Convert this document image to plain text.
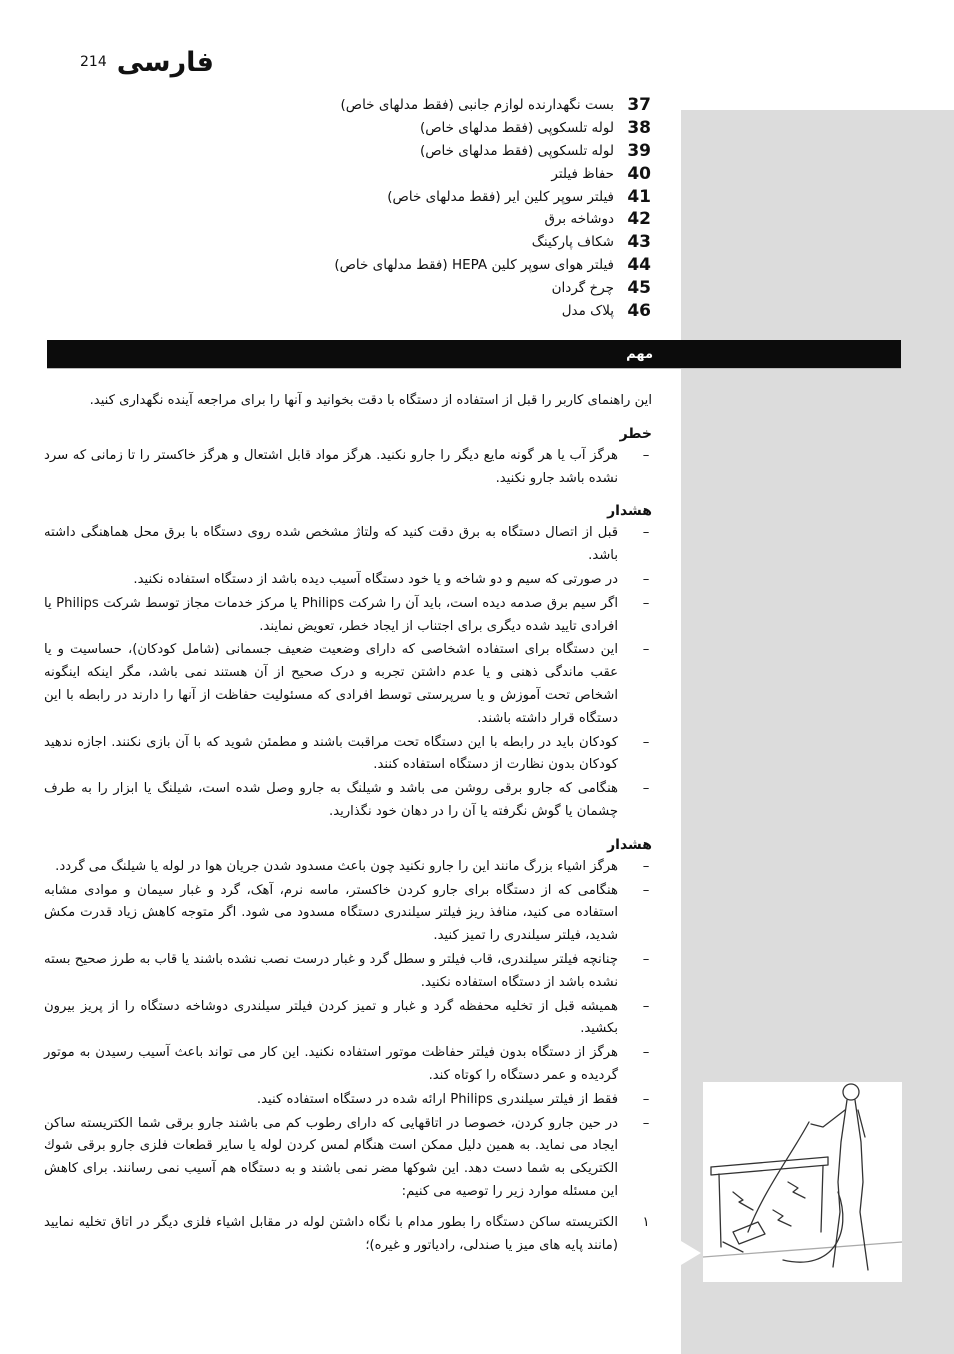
214 فارسی
37
بست نگهدارنده لوازم جانبی (فقط مدلهای خاص)
38
لوله تلسکوپی (فقط مدلهای خاص)
39
لوله تلسکوپی (فقط مدلهای خاص)
40
حفاظ فیلتر
41
فیلتر سوپر کلین ایر (فقط مدلهای خاص)
42
دوشاخه برق
43
شکاف پارکینگ
44
فیلتر هوای سوپر کلین HEPA (فقط مدلهای خاص)
45
چرخ گردان
46
پلاک مدل
مهم

این راهنمای کاربر را قبل از استفاده از دستگاه با دقت بخوانید و آنها را برای مراجعه آینده نگهداری کنید.

خطر
–
هرگز آب یا هر گونه مایع دیگر را جارو نکنید. هرگز مواد قابل اشتعال و هرگز خاکستر را تا زمانی که سرد نشده باشد جارو نکنید.
هشدار
–
قبل از اتصال دستگاه به برق دقت کنید که ولتاژ مشخص شده روی دستگاه با برق محل هماهنگی داشته باشد.
–
در صورتی که سیم و دو شاخه و یا خود دستگاه آسیب دیده باشد از دستگاه استفاده نکنید.
–
اگر سیم برق صدمه دیده است، باید آن را شرکت Philips یا مرکز خدمات مجاز توسط شرکت Philips یا افرادی تایید شده دیگری برای اجتناب از ایجاد خطر، تعویض نمایند.
–
این دستگاه برای استفاده اشخاصی که دارای وضعیت ضعیف جسمانی (شامل کودکان)، حساسیت و یا عقب ماندگی ذهنی و یا عدم داشتن تجربه و درک صحیح از آن هستند نمی باشد، مگر اینکه اینگونه اشخاص تحت آموزش و یا سرپرستی توسط افرادی که مسئولیت حفاظت از آنها را دارند در رابطه با این دستگاه قرار داشته باشند.
–
کودکان باید در رابطه با این دستگاه تحت مراقبت باشند و مطمئن شوید که با آن بازی نکنند. اجازه ندهید کودکان بدون نظارت از دستگاه استفاده کنند.
–
هنگامی که جارو برقی روشن می باشد و شیلنگ به جارو وصل شده است، شیلنگ یا ابزار را به طرف چشمان یا گوش نگرفته یا آن را در دهان خود نگذارید.
هشدار
–
هرگز اشیاء بزرگ مانند این را جارو نکنید چون باعث مسدود شدن جریان هوا در لوله یا شیلنگ می گردد.
–
هنگامی که از دستگاه برای جارو کردن خاکستر، ماسه نرم، آهک، گرد و غبار سیمان و موادی مشابه استفاده می کنید، منافذ ریز فیلتر سیلندری دستگاه مسدود می شود. اگر متوجه کاهش زیاد قدرت مکش شدید، فیلتر سیلندری را تمیز کنید.
–
چنانچه فیلتر سیلندری، قاب فیلتر و سطل گرد و غبار درست نصب نشده باشند یا قاب به طرز صحیح بسته نشده باشد از دستگاه استفاده نکنید.
–
همیشه قبل از تخلیه محفظه گرد و غبار و تمیز کردن فیلتر سیلندری دوشاخه دستگاه را از پریز بیرون بکشید.
–
هرگز از دستگاه بدون فیلتر حفاظت موتور استفاده نکنید. این کار می تواند باعث آسیب رسیدن به موتور گردیده و عمر دستگاه را کوتاه کند.
–
فقط از فیلتر سیلندری Philips ارائه شده در دستگاه استفاده کنید.
–
در حین جارو کردن، خصوصا در اتاقهایی که دارای رطوب کم می باشند جارو برقی شما الکتریسته ساکن ایجاد می نماید. به همین دلیل ممکن است هنگام لمس کردن لوله یا سایر قطعات فلزی جارو برقی شوك الکتریکی به شما دست دهد. این شوکها مضر نمی باشند و به دستگاه هم آسیب نمی رسانند. برای کاهش این مسئله موارد زیر را توصیه می کنیم:
۱
الکتریسته ساکن دستگاه را بطور مدام با نگاه داشتن لوله در مقابل اشیاء فلزی دیگر در اتاق تخلیه نمایید (مانند پایه های میز یا صندلی، رادیاتور و غیره)؛
